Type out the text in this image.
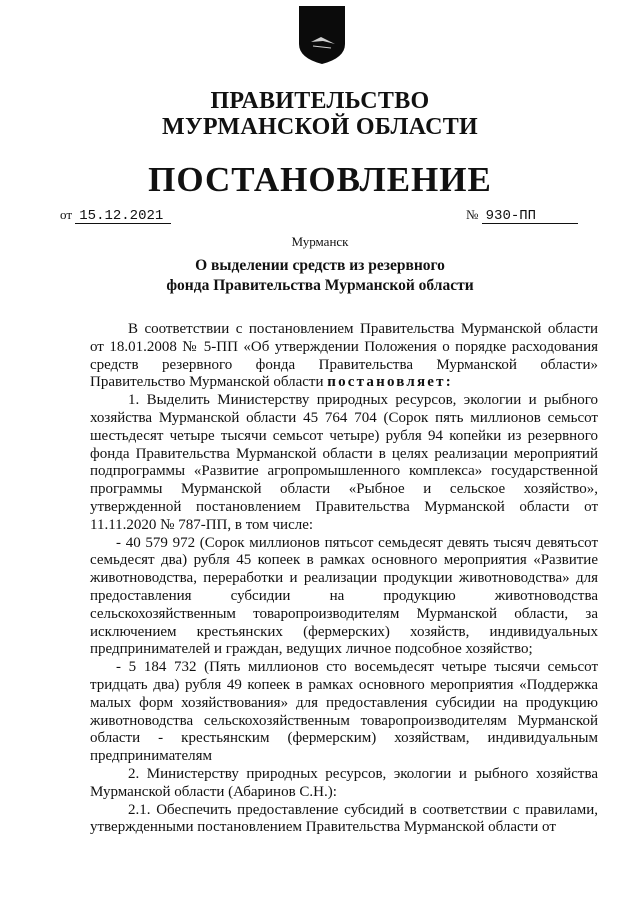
ПРАВИТЕЛЬСТВО
МУРМАНСКОЙ ОБЛАСТИ
ПОСТАНОВЛЕНИЕ
от 15.12.2021	№ 930-ПП
Мурманск
О выделении средств из резервного
фонда Правительства Мурманской области

В соответствии с постановлением Правительства Мурманской области от 18.01.2008 № 5-ПП «Об утверждении Положения о порядке расходования средств резервного фонда Правительства Мурманской области» Правительство Мурманской области постановляет:

1. Выделить Министерству природных ресурсов, экологии и рыбного хозяйства Мурманской области 45 764 704 (Сорок пять миллионов семьсот шестьдесят четыре тысячи семьсот четыре) рубля 94 копейки из резервного фонда Правительства Мурманской области в целях реализации мероприятий подпрограммы «Развитие агропромышленного комплекса» государственной программы Мурманской области «Рыбное и сельское хозяйство», утвержденной постановлением Правительства Мурманской области от 11.11.2020 № 787-ПП, в том числе:

- 40 579 972 (Сорок миллионов пятьсот семьдесят девять тысяч девятьсот семьдесят два) рубля 45 копеек в рамках основного мероприятия «Развитие животноводства, переработки и реализации продукции животноводства» для предоставления субсидии на продукцию животноводства сельскохозяйственным товаропроизводителям Мурманской области, за исключением крестьянских (фермерских) хозяйств, индивидуальных предпринимателей и граждан, ведущих личное подсобное хозяйство;

- 5 184 732 (Пять миллионов сто восемьдесят четыре тысячи семьсот тридцать два) рубля 49 копеек в рамках основного мероприятия «Поддержка малых форм хозяйствования» для предоставления субсидии на продукцию животноводства сельскохозяйственным товаропроизводителям Мурманской области - крестьянским (фермерским) хозяйствам, индивидуальным предпринимателям

2. Министерству природных ресурсов, экологии и рыбного хозяйства Мурманской области (Абаринов С.Н.):

2.1. Обеспечить предоставление субсидий в соответствии с правилами, утвержденными постановлением Правительства Мурманской области от
